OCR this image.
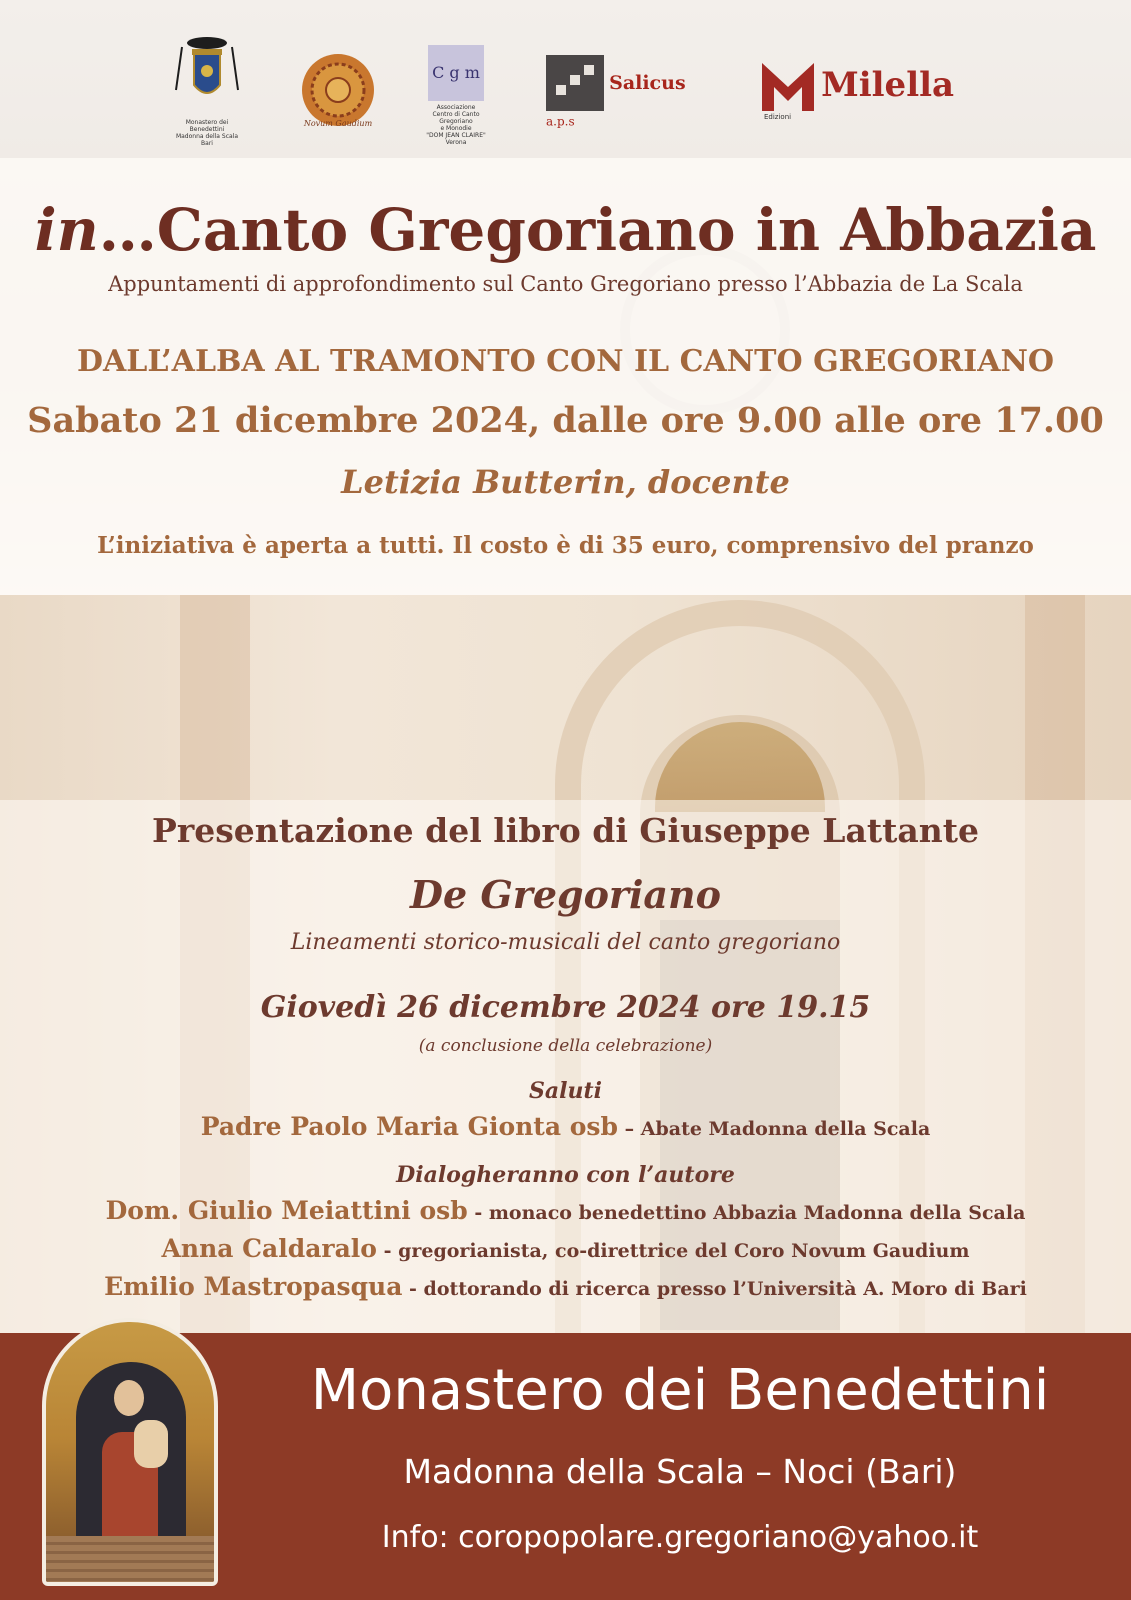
Monastero dei Benedettini
Madonna della Scala
Bari
Novum Gaudium
C g m
Associazione
Centro di Canto Gregoriano
e Monodie
"DOM JEAN CLAIRE"
Verona
Salicus a.p.s
Milella
Edizioni
in…Canto Gregoriano in Abbazia
Appuntamenti di approfondimento sul Canto Gregoriano presso l’Abbazia de La Scala
DALL’ALBA AL TRAMONTO CON IL CANTO GREGORIANO
Sabato 21 dicembre 2024, dalle ore 9.00 alle ore 17.00
Letizia Butterin, docente
L’iniziativa è aperta a tutti. Il costo è di 35 euro, comprensivo del pranzo
Presentazione del libro di Giuseppe Lattante
De Gregoriano
Lineamenti storico-musicali del canto gregoriano
Giovedì 26 dicembre 2024 ore 19.15
(a conclusione della celebrazione)
Saluti
Padre Paolo Maria Gionta osb – Abate Madonna della Scala
Dialogheranno con l’autore
Dom. Giulio Meiattini osb - monaco benedettino Abbazia Madonna della Scala
Anna Caldaralo - gregorianista, co-direttrice del Coro Novum Gaudium
Emilio Mastropasqua - dottorando di ricerca presso l’Università A. Moro di Bari
Monastero dei Benedettini
Madonna della Scala – Noci (Bari)
Info: coropopolare.gregoriano@yahoo.it
